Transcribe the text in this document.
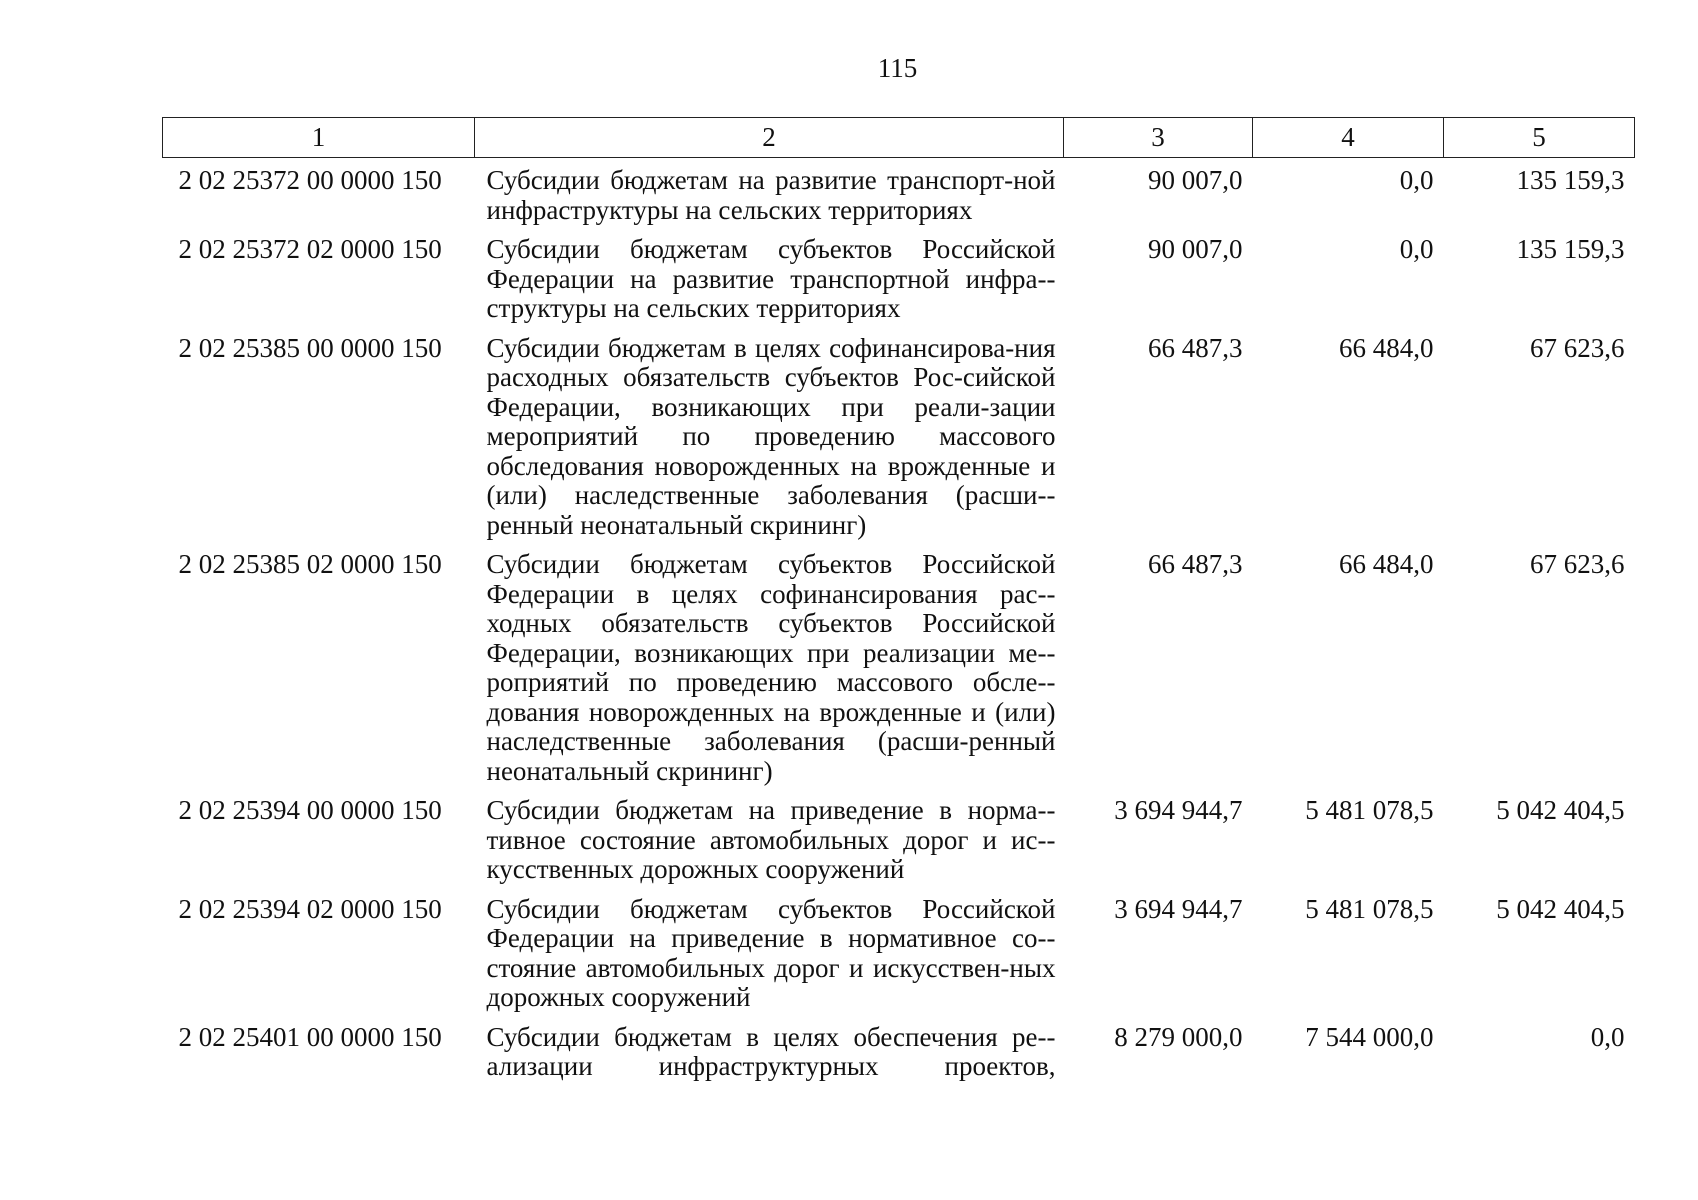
115
1	2	3	4	5
2 02 25372 00 0000 150	Субсидии бюджетам на развитие транспорт-ной инфраструктуры на сельских территориях	90 007,0	0,0	135 159,3
2 02 25372 02 0000 150	Субсидии бюджетам субъектов Российской Федерации на развитие транспортной инфра-структуры на сельских территориях	90 007,0	0,0	135 159,3
2 02 25385 00 0000 150	Субсидии бюджетам в целях софинансирова-ния расходных обязательств субъектов Рос-сийской Федерации, возникающих при реали-зации мероприятий по проведению массового обследования новорожденных на врожденные и (или) наследственные заболевания (расши-ренный неонатальный скрининг)	66 487,3	66 484,0	67 623,6
2 02 25385 02 0000 150	Субсидии бюджетам субъектов Российской Федерации в целях софинансирования рас-ходных обязательств субъектов Российской Федерации, возникающих при реализации ме-роприятий по проведению массового обсле-дования новорожденных на врожденные и (или) наследственные заболевания (расши-ренный неонатальный скрининг)	66 487,3	66 484,0	67 623,6
2 02 25394 00 0000 150	Субсидии бюджетам на приведение в норма-тивное состояние автомобильных дорог и ис-кусственных дорожных сооружений	3 694 944,7	5 481 078,5	5 042 404,5
2 02 25394 02 0000 150	Субсидии бюджетам субъектов Российской Федерации на приведение в нормативное со-стояние автомобильных дорог и искусствен-ных дорожных сооружений	3 694 944,7	5 481 078,5	5 042 404,5
2 02 25401 00 0000 150	Субсидии бюджетам в целях обеспечения ре-ализации инфраструктурных проектов,	8 279 000,0	7 544 000,0	0,0
